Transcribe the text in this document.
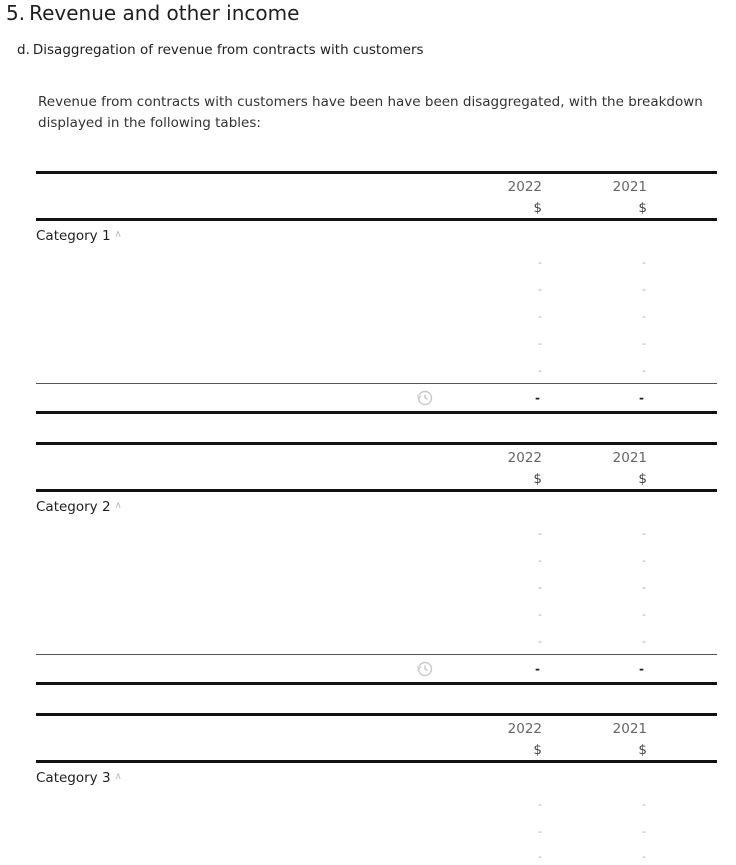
5. Revenue and other income
d. Disaggregation of revenue from contracts with customers
Revenue from contracts with customers have been have been disaggregated, with the breakdown displayed in the following tables:
2022	2021
$	$
Category 1 ∧
-	-
-	-
-	-
-	-
-	-
-	-
2022	2021
$	$
Category 2 ∧
-	-
-	-
-	-
-	-
-	-
-	-
2022	2021
$	$
Category 3 ∧
-	-
-	-
-	-
